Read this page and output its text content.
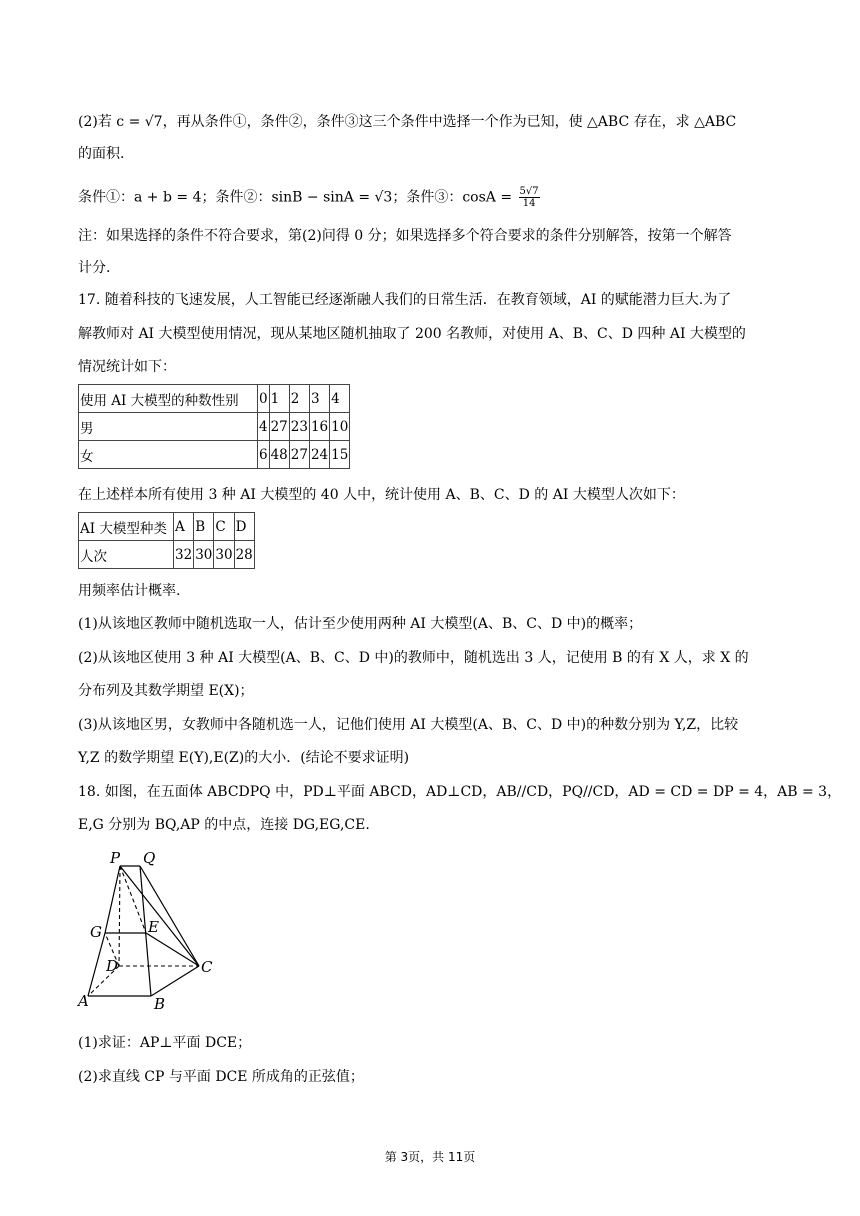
(2)若 c = √7，再从条件①，条件②，条件③这三个条件中选择一个作为已知，使 △ABC 存在，求 △ABC
的面积.
条件①：a + b = 4；条件②：sinB − sinA = √3；条件③：$\cos A = \frac{5√7}{14}$
注：如果选择的条件不符合要求，第(2)问得 0 分；如果选择多个符合要求的条件分别解答，按第一个解答
计分.
17. 随着科技的飞速发展，人工智能已经逐渐融人我们的日常生活．在教育领域，AI 的赋能潜力巨大.为了
解教师对 AI 大模型使用情况，现从某地区随机抽取了 200 名教师，对使用 A、B、C、D 四种 AI 大模型的
情况统计如下：
使用 AI 大模型的种数性别	0	1	2	3	4
男	4	27	23	16	10
女	6	48	27	24	15
在上述样本所有使用 3 种 AI 大模型的 40 人中，统计使用 A、B、C、D 的 AI 大模型人次如下：
AI 大模型种类	A	B	C	D
人次	32	30	30	28
用频率估计概率.
(1)从该地区教师中随机选取一人，估计至少使用两种 AI 大模型(A、B、C、D 中)的概率；
(2)从该地区使用 3 种 AI 大模型(A、B、C、D 中)的教师中，随机选出 3 人，记使用 B 的有 X 人，求 X 的
分布列及其数学期望 E(X)；
(3)从该地区男，女教师中各随机选一人，记他们使用 AI 大模型(A、B、C、D 中)的种数分别为 Y,Z，比较
Y,Z 的数学期望 E(Y),E(Z)的大小．(结论不要求证明)
18. 如图，在五面体 ABCDPQ 中，PD⊥平面 ABCD，AD⊥CD，AB//CD，PQ//CD，AD = CD = DP = 4，AB = 3，
E,G 分别为 BQ,AP 的中点，连接 DG,EG,CE.
P Q
G	E
D	C
A	B
(1)求证：AP⊥平面 DCE；
(2)求直线 CP 与平面 DCE 所成角的正弦值；
第 3页，共 11页
